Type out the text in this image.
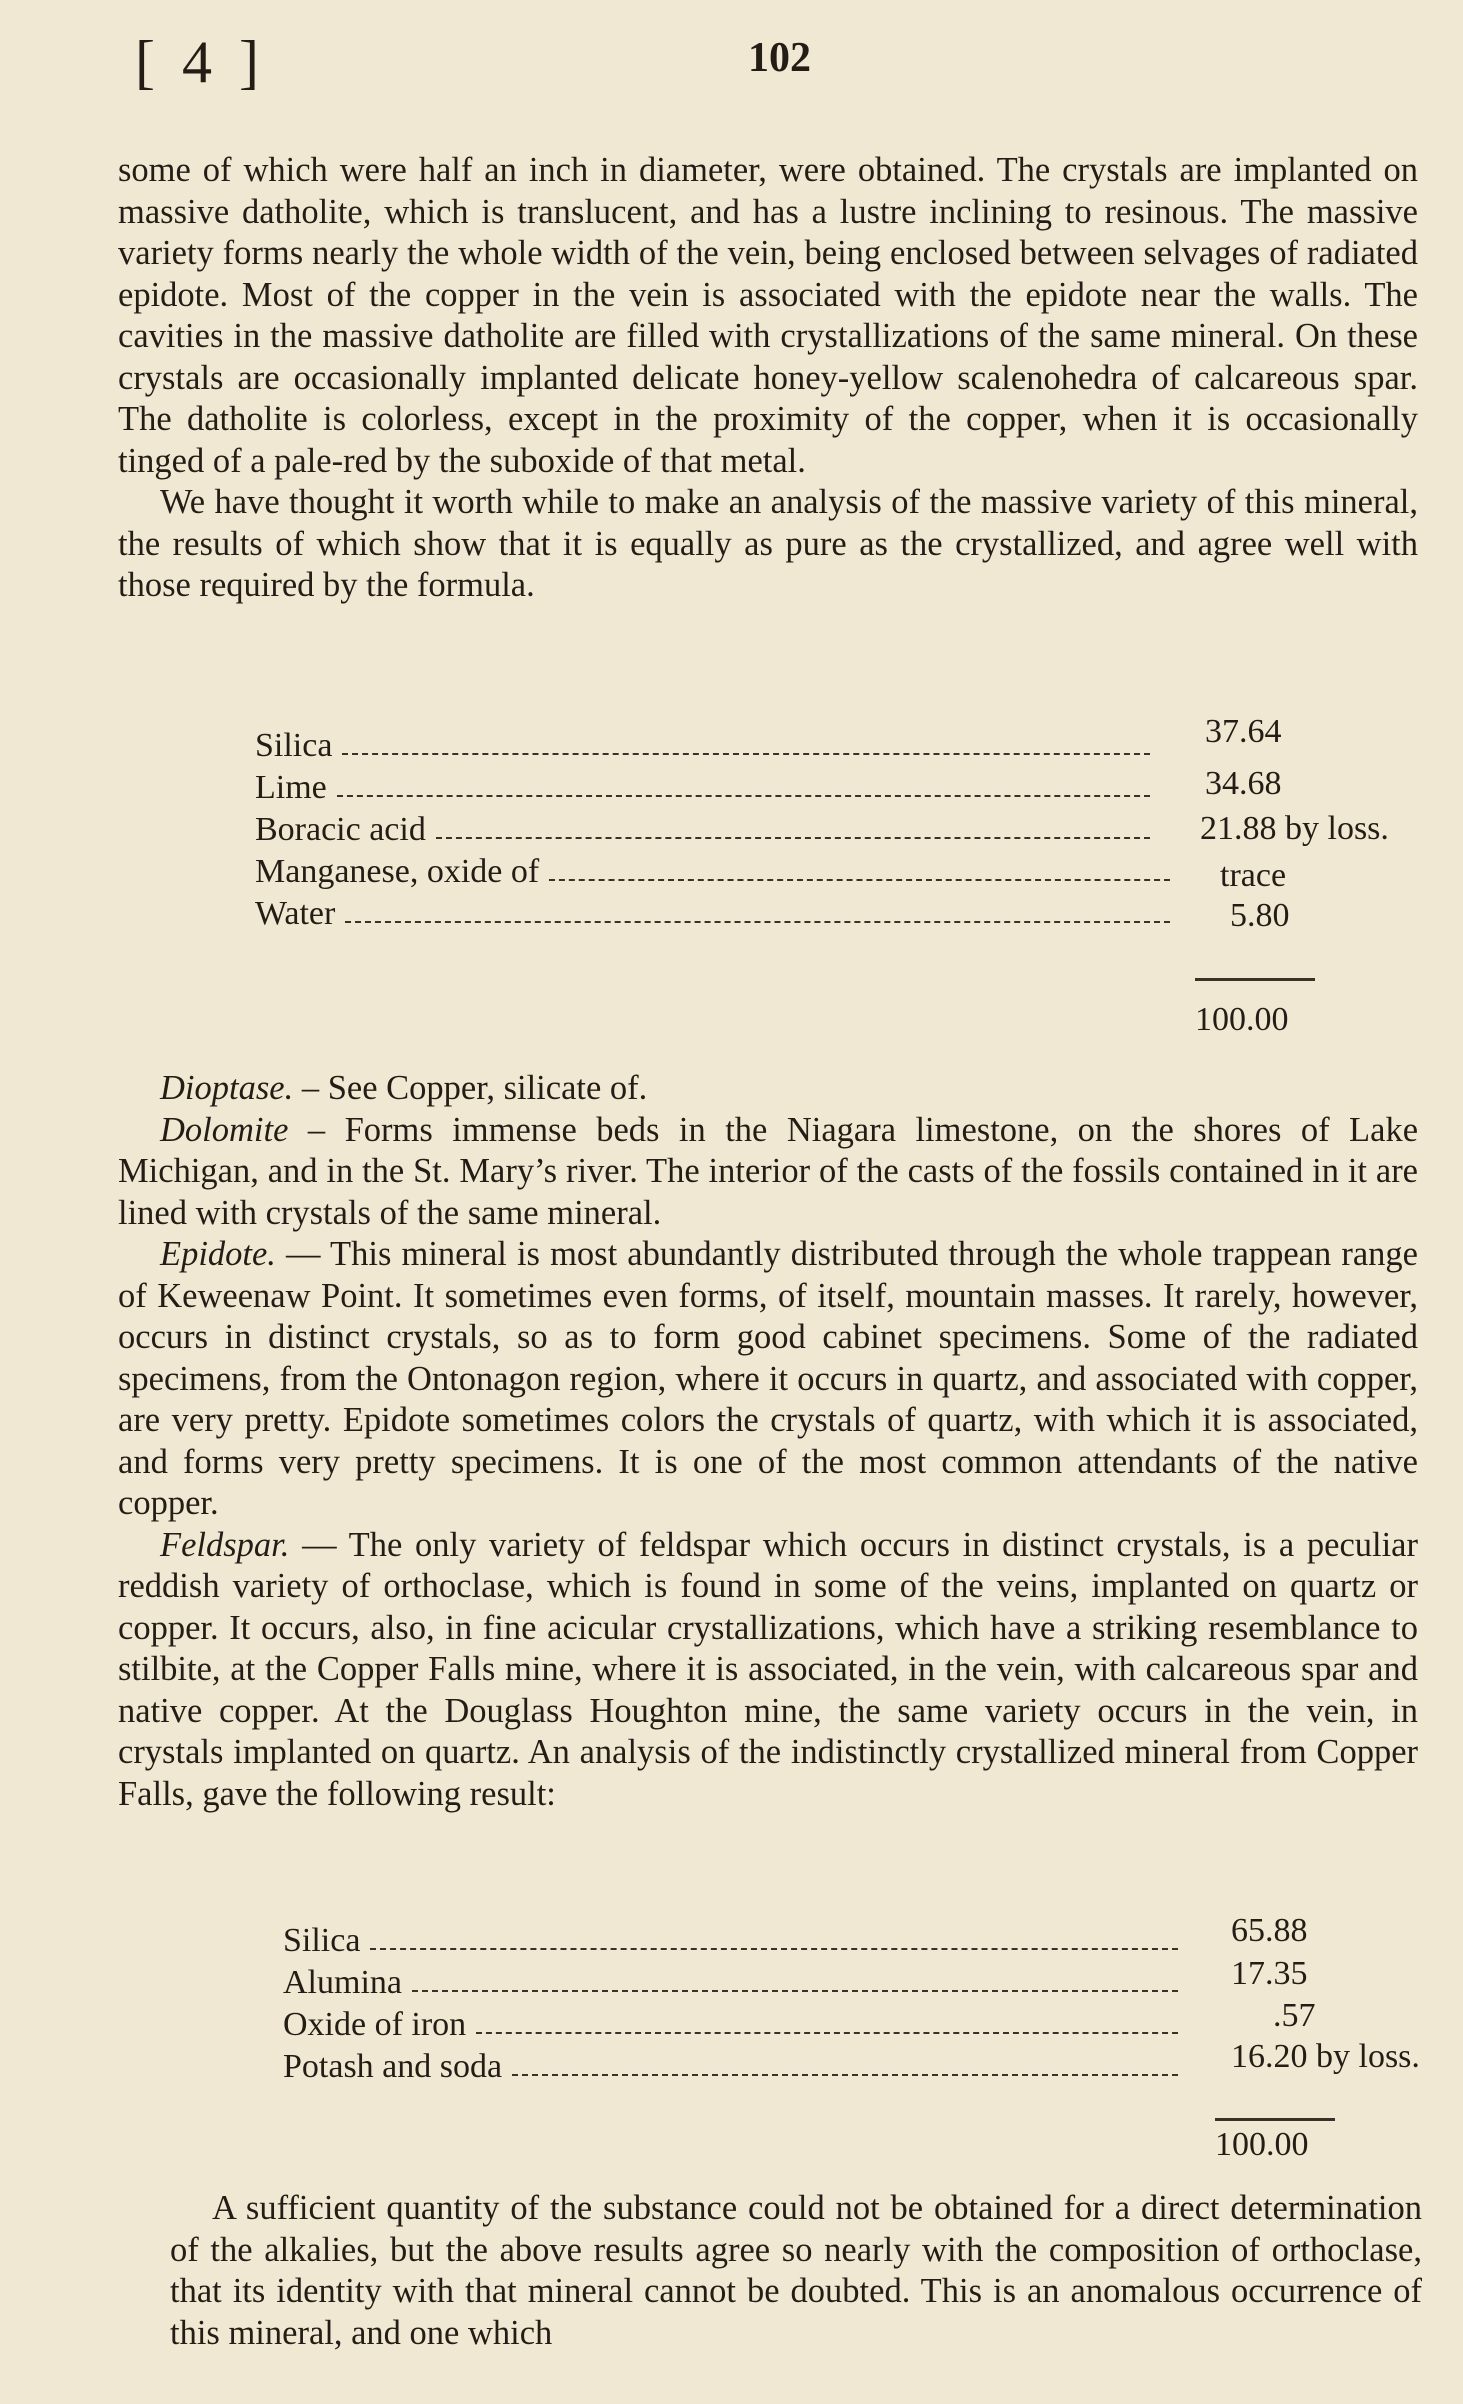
[ 4 ]	102

some of which were half an inch in diameter, were obtained. The crystals are implanted on massive datholite, which is translucent, and has a lustre inclining to resinous. The massive variety forms nearly the whole width of the vein, being enclosed between selvages of radiated epidote. Most of the copper in the vein is associated with the epidote near the walls. The cavities in the massive datholite are filled with crystallizations of the same mineral. On these crystals are occasionally implanted delicate honey-yellow scalenohedra of calcareous spar. The datholite is colorless, except in the proximity of the copper, when it is occasionally tinged of a pale-red by the suboxide of that metal.

We have thought it worth while to make an analysis of the massive variety of this mineral, the results of which show that it is equally as pure as the crystallized, and agree well with those required by the formula.

Silica	37.64
Lime	34.68
Boracic acid	21.88 by loss.
Manganese, oxide of	trace
Water	5.80
100.00

Dioptase. – See Copper, silicate of.

Dolomite – Forms immense beds in the Niagara limestone, on the shores of Lake Michigan, and in the St. Mary’s river. The interior of the casts of the fossils contained in it are lined with crystals of the same mineral.

Epidote. — This mineral is most abundantly distributed through the whole trappean range of Keweenaw Point. It sometimes even forms, of itself, mountain masses. It rarely, however, occurs in distinct crystals, so as to form good cabinet specimens. Some of the radiated specimens, from the Ontonagon region, where it occurs in quartz, and associated with copper, are very pretty. Epidote sometimes colors the crystals of quartz, with which it is associated, and forms very pretty specimens. It is one of the most common attendants of the native copper.

Feldspar. — The only variety of feldspar which occurs in distinct crystals, is a peculiar reddish variety of orthoclase, which is found in some of the veins, implanted on quartz or copper. It occurs, also, in fine acicular crystallizations, which have a striking resemblance to stilbite, at the Copper Falls mine, where it is associated, in the vein, with calcareous spar and native copper. At the Douglass Houghton mine, the same variety occurs in the vein, in crystals implanted on quartz. An analysis of the indistinctly crystallized mineral from Copper Falls, gave the following result:

Silica	65.88
Alumina	17.35
Oxide of iron	.57
Potash and soda	16.20 by loss.
100.00

A sufficient quantity of the substance could not be obtained for a direct determination of the alkalies, but the above results agree so nearly with the composition of orthoclase, that its identity with that mineral cannot be doubted. This is an anomalous occurrence of this mineral, and one which
